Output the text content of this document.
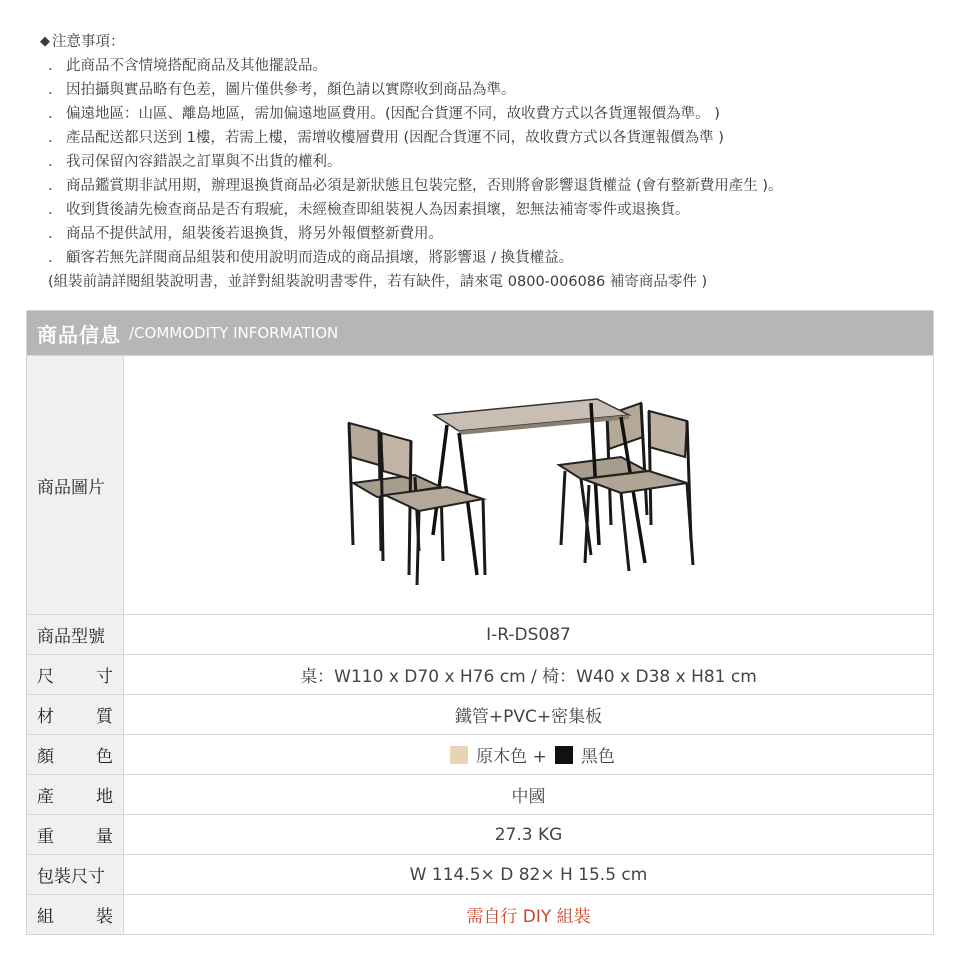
◆ 注意事項：
. 此商品不含情境搭配商品及其他擺設品。
. 因拍攝與實品略有色差，圖片僅供參考，顏色請以實際收到商品為準。
. 偏遠地區：山區、離島地區，需加偏遠地區費用。(因配合貨運不同，故收費方式以各貨運報價為準。 )
. 產品配送都只送到 1樓，若需上樓，需增收樓層費用 (因配合貨運不同，故收費方式以各貨運報價為準 )
. 我司保留內容錯誤之訂單與不出貨的權利。
. 商品鑑賞期非試用期，辦理退換貨商品必須是新狀態且包裝完整，否則將會影響退貨權益 (會有整新費用產生 )。
. 收到貨後請先檢查商品是否有瑕疵，未經檢查即組裝視人為因素損壞，恕無法補寄零件或退換貨。
. 商品不提供試用，組裝後若退換貨，將另外報價整新費用。
. 顧客若無先詳閱商品組裝和使用說明而造成的商品損壞，將影響退 / 換貨權益。
(組裝前請詳閱組裝說明書，並詳對組裝說明書零件，若有缺件，請來電 0800-006086 補寄商品零件 )
商品信息 /COMMODITY INFORMATION
商品圖片
商品型號	I-R-DS087
尺 寸	桌：W110 x D70 x H76 cm / 椅：W40 x D38 x H81 cm
材 質	鐵管+PVC+密集板
顏 色	原木色 + 黑色
產 地	中國
重 量	27.3 KG
包裝尺寸	W 114.5× D 82× H 15.5 cm
組 裝	需自行 DIY 組裝
